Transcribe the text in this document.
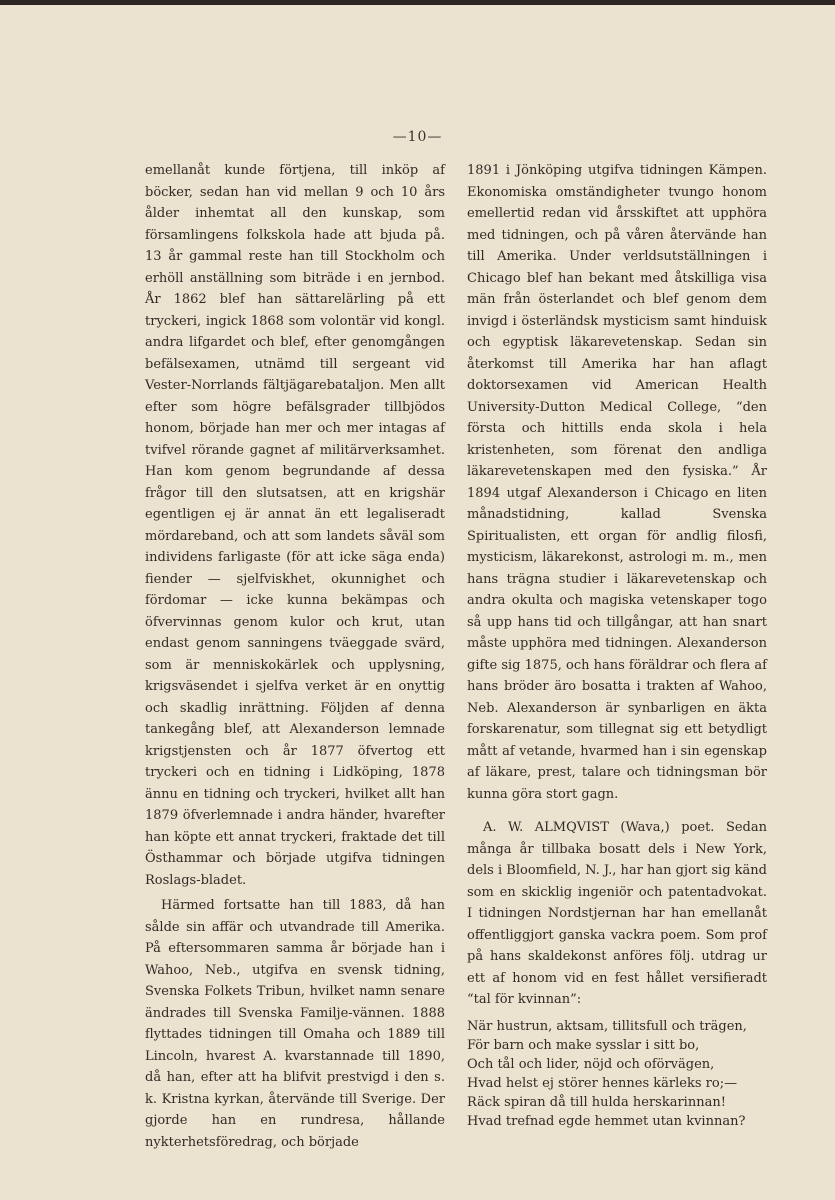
—10—

emellanåt kunde förtjena, till inköp af böcker, sedan han vid mellan 9 och 10 års ålder inhemtat all den kunskap, som församlingens folkskola hade att bjuda på. 13 år gammal reste han till Stockholm och erhöll anställning som biträde i en jernbod. År 1862 blef han sättarelärling på ett tryckeri, ingick 1868 som volontär vid kongl. andra lifgardet och blef, efter genomgången befälsexamen, utnämd till sergeant vid Vester-Norrlands fältjägarebataljon. Men allt efter som högre befälsgrader tillbjödos honom, började han mer och mer intagas af tvifvel rörande gagnet af militärverksamhet. Han kom genom begrundande af dessa frågor till den slutsatsen, att en krigshär egentligen ej är annat än ett legaliseradt mördareband, och att som landets såväl som individens farligaste (för att icke säga enda) fiender — sjelfviskhet, okunnighet och fördomar — icke kunna bekämpas och öfvervinnas genom kulor och krut, utan endast genom sanningens tväeggade svärd, som är menniskokärlek och upplysning, krigsväsendet i sjelfva verket är en onyttig och skadlig inrättning. Följden af denna tankegång blef, att Alexanderson lemnade krigstjensten och år 1877 öfvertog ett tryckeri och en tidning i Lidköping, 1878 ännu en tidning och tryckeri, hvilket allt han 1879 öfverlemnade i andra händer, hvarefter han köpte ett annat tryckeri, fraktade det till Östhammar och började utgifva tidningen Roslags-bladet.

Härmed fortsatte han till 1883, då han sålde sin affär och utvandrade till Amerika. På eftersommaren samma år började han i Wahoo, Neb., utgifva en svensk tidning, Svenska Folkets Tribun, hvilket namn senare ändrades till Svenska Familje-vännen. 1888 flyttades tidningen till Omaha och 1889 till Lincoln, hvarest A. kvarstannade till 1890, då han, efter att ha blifvit prestvigd i den s. k. Kristna kyrkan, återvände till Sverige. Der gjorde han en rundresa, hållande nykterhetsföredrag, och började

1891 i Jönköping utgifva tidningen Kämpen. Ekonomiska omständigheter tvungo honom emellertid redan vid årsskiftet att upphöra med tidningen, och på våren återvände han till Amerika. Under verldsutställningen i Chicago blef han bekant med åtskilliga visa män från österlandet och blef genom dem invigd i österländsk mysticism samt hinduisk och egyptisk läkarevetenskap. Sedan sin återkomst till Amerika har han aflagt doktorsexamen vid American Health University-Dutton Medical College, “den första och hittills enda skola i hela kristenheten, som förenat den andliga läkarevetenskapen med den fysiska.” År 1894 utgaf Alexanderson i Chicago en liten månadstidning, kallad Svenska Spiritualisten, ett organ för andlig filosfi, mysticism, läkarekonst, astrologi m. m., men hans trägna studier i läkarevetenskap och andra okulta och magiska vetenskaper togo så upp hans tid och tillgångar, att han snart måste upphöra med tidningen. Alexanderson gifte sig 1875, och hans föräldrar och flera af hans bröder äro bosatta i trakten af Wahoo, Neb. Alexanderson är synbarligen en äkta forskarenatur, som tillegnat sig ett betydligt mått af vetande, hvarmed han i sin egenskap af läkare, prest, talare och tidningsman bör kunna göra stort gagn.

A. W. ALMQVIST (Wava,) poet. Sedan många år tillbaka bosatt dels i New York, dels i Bloomfield, N. J., har han gjort sig känd som en skicklig ingeniör och patentadvokat. I tidningen Nordstjernan har han emellanåt offentliggjort ganska vackra poem. Som prof på hans skaldekonst anföres följ. utdrag ur ett af honom vid en fest hållet versifieradt “tal för kvinnan”:

När hustrun, aktsam, tillitsfull och trägen,
För barn och make sysslar i sitt bo,
Och tål och lider, nöjd och oförvägen,
Hvad helst ej störer hennes kärleks ro;—
Räck spiran då till hulda herskarinnan!
Hvad trefnad egde hemmet utan kvinnan?
